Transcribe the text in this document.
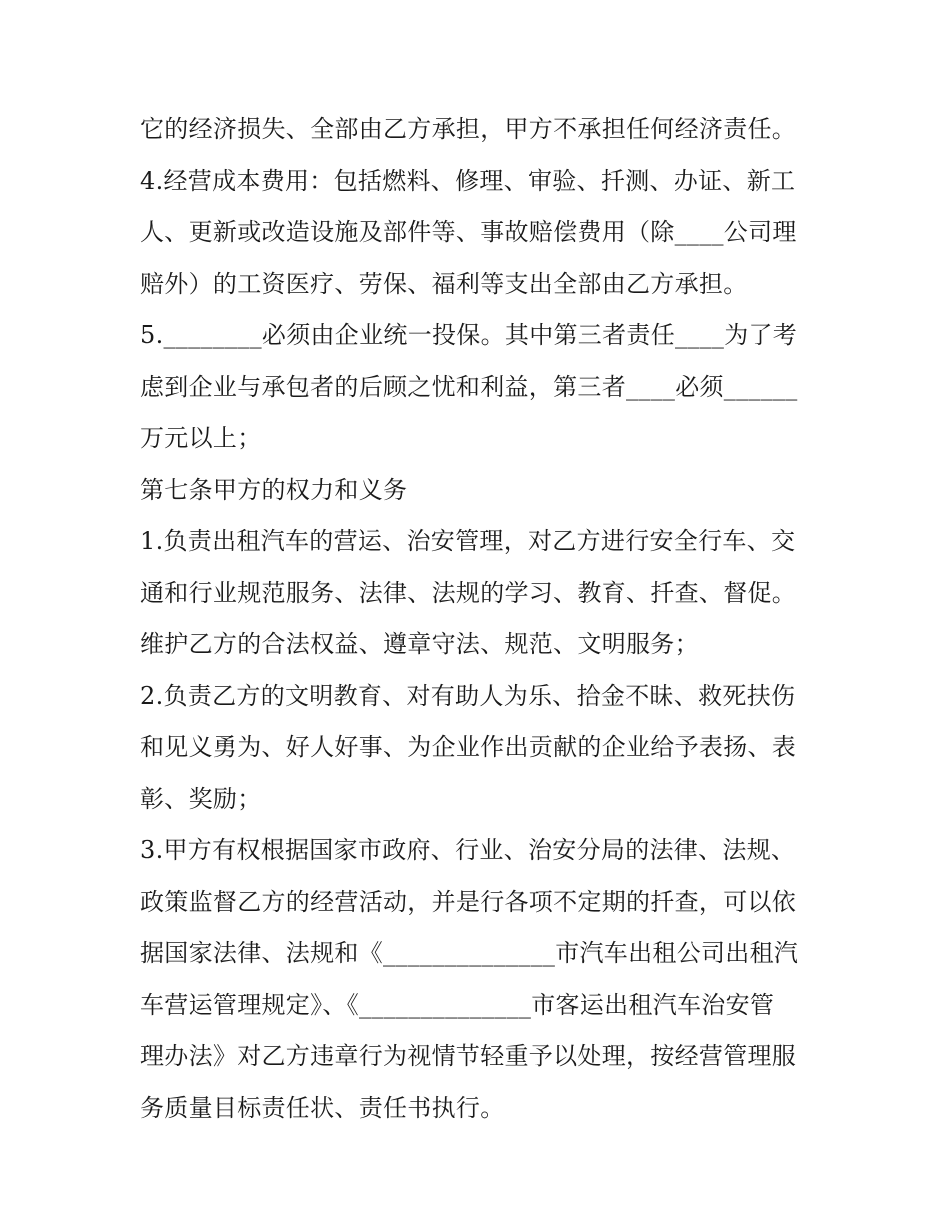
它的经济损失、全部由乙方承担，甲方不承担任何经济责任。
4.经营成本费用：包括燃料、修理、审验、扦测、办证、新工
人、更新或改造设施及部件等、事故赔偿费用（除____公司理
赔外）的工资医疗、劳保、福利等支出全部由乙方承担。
5.________必须由企业统一投保。其中第三者责任____为了考
虑到企业与承包者的后顾之忧和利益，第三者____必须______
万元以上；
第七条甲方的权力和义务
1.负责出租汽车的营运、治安管理，对乙方进行安全行车、交
通和行业规范服务、法律、法规的学习、教育、扦查、督促。
维护乙方的合法权益、遵章守法、规范、文明服务；
2.负责乙方的文明教育、对有助人为乐、拾金不昧、救死扶伤
和见义勇为、好人好事、为企业作出贡献的企业给予表扬、表
彰、奖励；
3.甲方有权根据国家市政府、行业、治安分局的法律、法规、
政策监督乙方的经营活动，并是行各项不定期的扦查，可以依
据国家法律、法规和《______________市汽车出租公司出租汽
车营运管理规定》、《______________市客运出租汽车治安管
理办法》对乙方违章行为视情节轻重予以处理，按经营管理服
务质量目标责任状、责任书执行。
